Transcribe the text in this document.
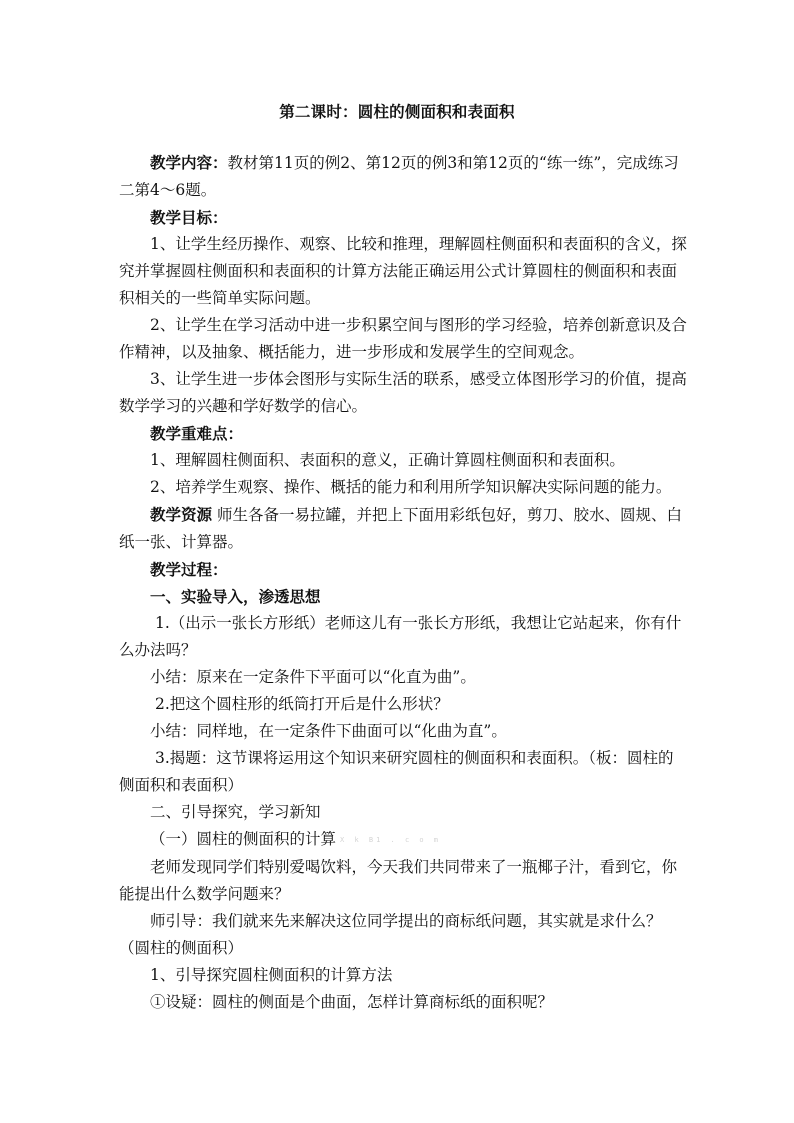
第二课时：圆柱的侧面积和表面积

教学内容：教材第11页的例2、第12页的例3和第12页的“练一练”，完成练习二第4～6题。

教学目标：

1、让学生经历操作、观察、比较和推理，理解圆柱侧面积和表面积的含义，探究并掌握圆柱侧面积和表面积的计算方法能正确运用公式计算圆柱的侧面积和表面积相关的一些简单实际问题。

2、让学生在学习活动中进一步积累空间与图形的学习经验，培养创新意识及合作精神，以及抽象、概括能力，进一步形成和发展学生的空间观念。

3、让学生进一步体会图形与实际生活的联系，感受立体图形学习的价值，提高数学学习的兴趣和学好数学的信心。

教学重难点：

1、理解圆柱侧面积、表面积的意义，正确计算圆柱侧面积和表面积。

2、培养学生观察、操作、概括的能力和利用所学知识解决实际问题的能力。

教学资源 师生各备一易拉罐，并把上下面用彩纸包好，剪刀、胶水、圆规、白纸一张、计算器。

教学过程：

一、实验导入，渗透思想

1.（出示一张长方形纸）老师这儿有一张长方形纸，我想让它站起来，你有什么办法吗？

小结：原来在一定条件下平面可以“化直为曲”。

2.把这个圆柱形的纸筒打开后是什么形状？

小结：同样地，在一定条件下曲面可以“化曲为直”。

3.揭题：这节课将运用这个知识来研究圆柱的侧面积和表面积。（板：圆柱的侧面积和表面积）

二、引导探究，学习新知

（一）圆柱的侧面积的计算 X k B1 . c o m

老师发现同学们特别爱喝饮料，今天我们共同带来了一瓶椰子汁，看到它，你能提出什么数学问题来？

师引导：我们就来先来解决这位同学提出的商标纸问题，其实就是求什么？（圆柱的侧面积）

1、引导探究圆柱侧面积的计算方法

①设疑：圆柱的侧面是个曲面，怎样计算商标纸的面积呢？
